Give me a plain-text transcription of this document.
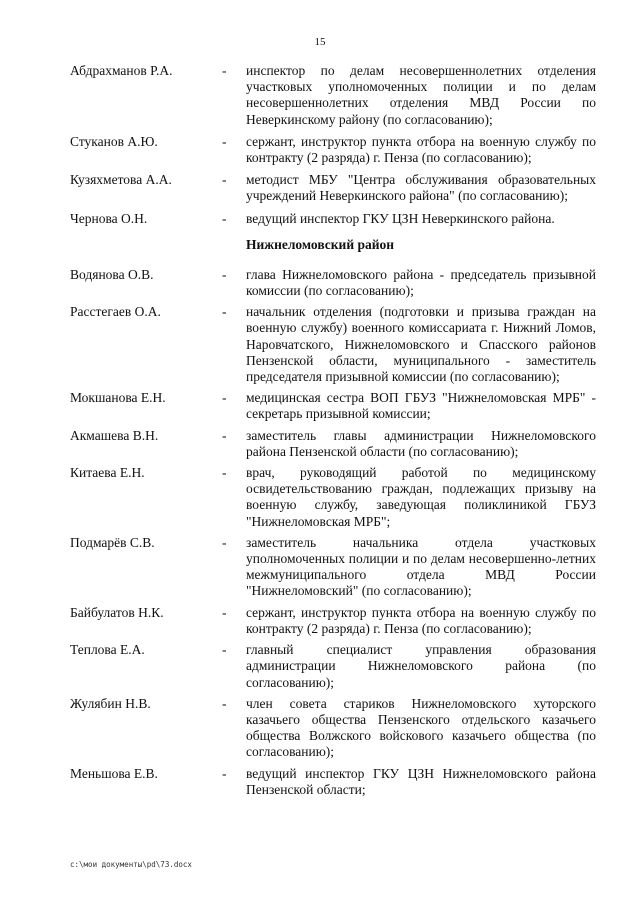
15
Абдрахманов Р.А.	-	инспектор по делам несовершеннолетних отделения участковых уполномоченных полиции и по делам несовершеннолетних отделения МВД России по Неверкинскому району (по согласованию);
Стуканов А.Ю.	-	сержант, инструктор пункта отбора на военную службу по контракту (2 разряда) г. Пенза (по согласованию);
Кузяхметова А.А.	-	методист МБУ "Центра обслуживания образовательных учреждений Неверкинского района" (по согласованию);
Чернова О.Н.	-	ведущий инспектор ГКУ ЦЗН Неверкинского района.
Нижнеломовский район
Водянова О.В.	-	глава Нижнеломовского района - председатель призывной комиссии (по согласованию);
Расстегаев О.А.	-	начальник отделения (подготовки и призыва граждан на военную службу) военного комиссариата г. Нижний Ломов, Наровчатского, Нижнеломовского и Спасского районов Пензенской области, муниципального - заместитель председателя призывной комиссии (по согласованию);
Мокшанова Е.Н.	-	медицинская сестра ВОП ГБУЗ "Нижнеломовская МРБ" - секретарь призывной комиссии;
Акмашева В.Н.	-	заместитель главы администрации Нижнеломовского района Пензенской области (по согласованию);
Китаева Е.Н.	-	врач, руководящий работой по медицинскому освидетельствованию граждан, подлежащих призыву на военную службу, заведующая поликлиникой ГБУЗ "Нижнеломовская МРБ";
Подмарёв С.В.	-	заместитель начальника отдела участковых уполномоченных полиции и по делам несовершенно-летних межмуниципального отдела МВД России "Нижнеломовский" (по согласованию);
Байбулатов Н.К.	-	сержант, инструктор пункта отбора на военную службу по контракту (2 разряда) г. Пенза (по согласованию);
Теплова Е.А.	-	главный специалист управления образования администрации Нижнеломовского района (по согласованию);
Жулябин Н.В.	-	член совета стариков Нижнеломовского хуторского казачьего общества Пензенского отдельского казачьего общества Волжского войскового казачьего общества (по согласованию);
Меньшова Е.В.	-	ведущий инспектор ГКУ ЦЗН Нижнеломовского района Пензенской области;
c:\мои документы\pd\73.docx
